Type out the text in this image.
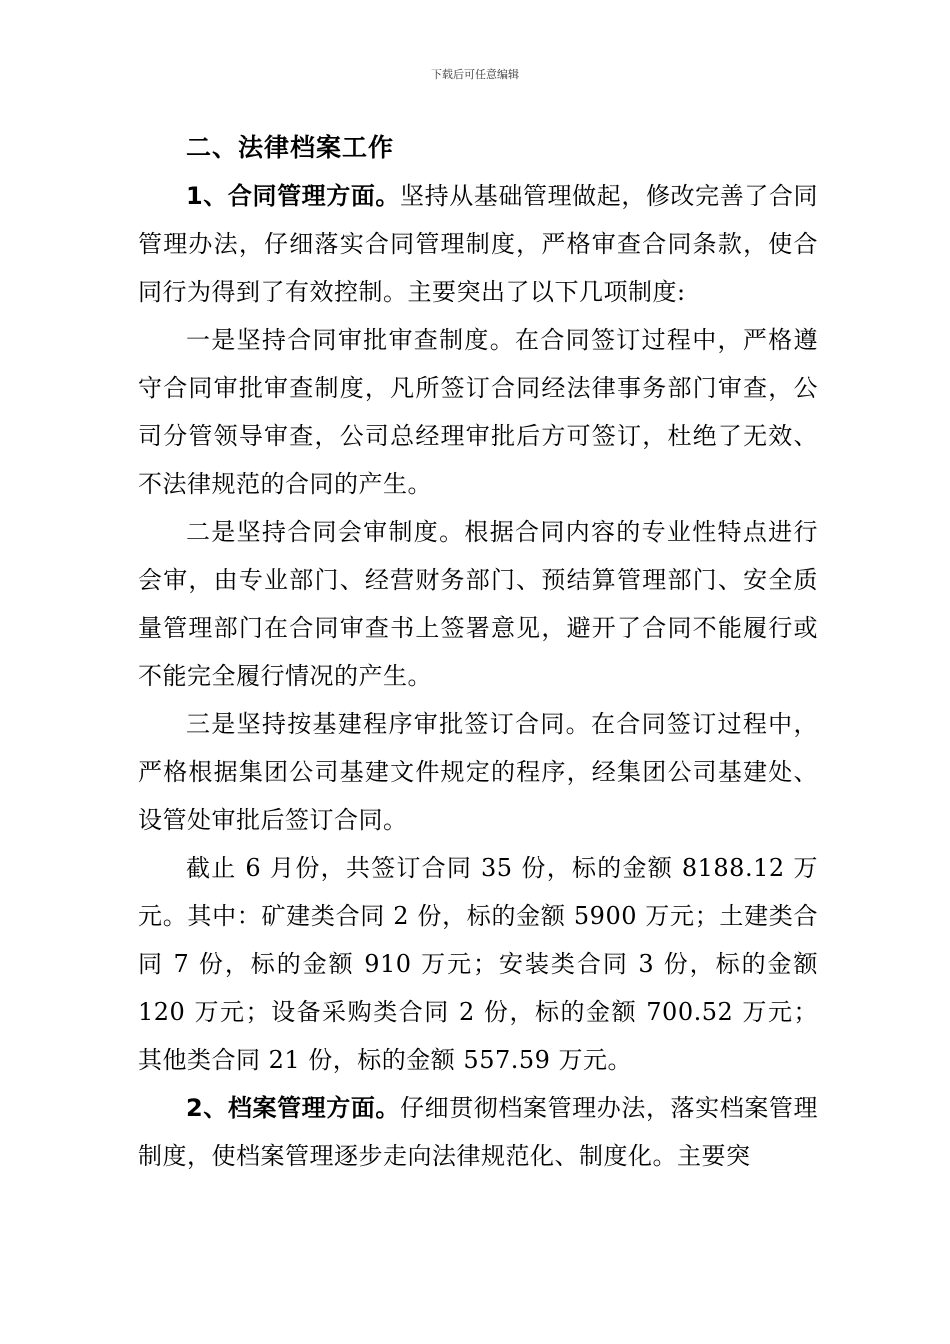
下载后可任意编辑
二、法律档案工作

1、合同管理方面。坚持从基础管理做起，修改完善了合同管理办法，仔细落实合同管理制度，严格审查合同条款，使合同行为得到了有效控制。主要突出了以下几项制度:

一是坚持合同审批审查制度。在合同签订过程中，严格遵守合同审批审查制度，凡所签订合同经法律事务部门审查，公司分管领导审查，公司总经理审批后方可签订，杜绝了无效、不法律规范的合同的产生。

二是坚持合同会审制度。根据合同内容的专业性特点进行会审，由专业部门、经营财务部门、预结算管理部门、安全质量管理部门在合同审查书上签署意见，避开了合同不能履行或不能完全履行情况的产生。

三是坚持按基建程序审批签订合同。在合同签订过程中，严格根据集团公司基建文件规定的程序，经集团公司基建处、设管处审批后签订合同。

截止 6 月份，共签订合同 35 份，标的金额 8188.12 万元。其中：矿建类合同 2 份，标的金额 5900 万元；土建类合同 7 份，标的金额 910 万元；安装类合同 3 份，标的金额 120 万元；设备采购类合同 2 份，标的金额 700.52 万元；其他类合同 21 份，标的金额 557.59 万元。

2、档案管理方面。仔细贯彻档案管理办法，落实档案管理制度，使档案管理逐步走向法律规范化、制度化。主要突
